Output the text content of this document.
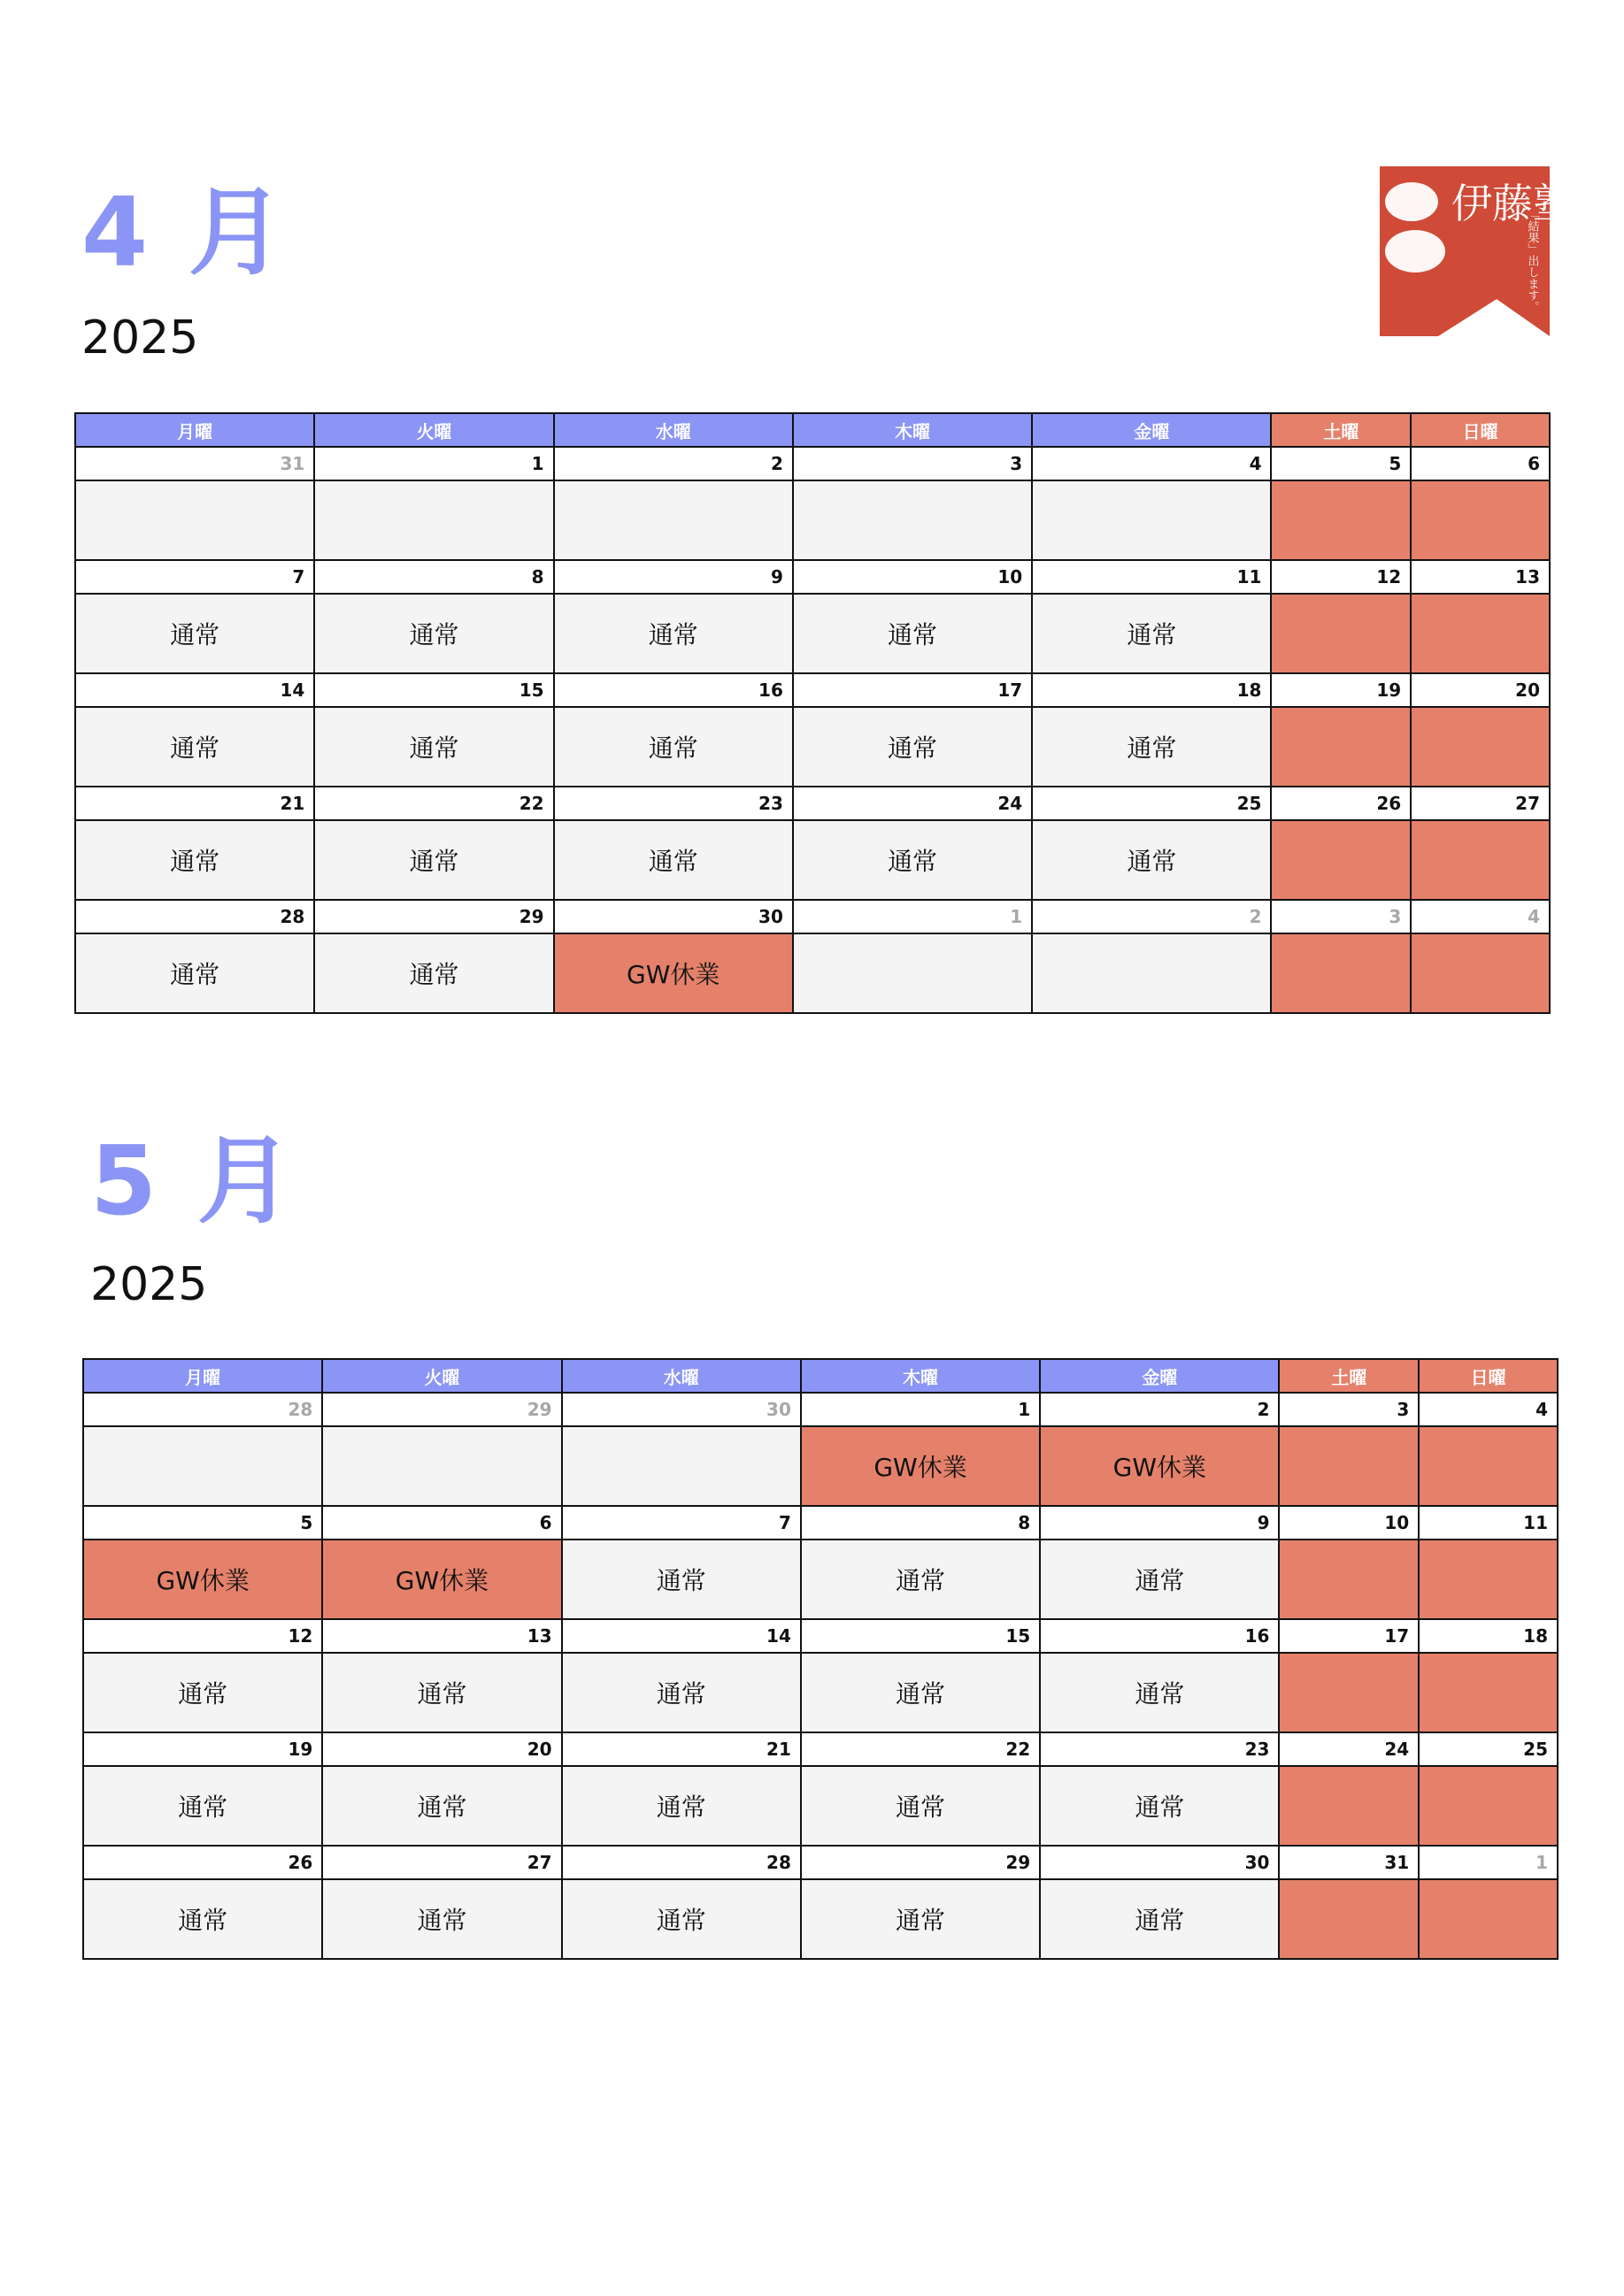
伊藤塾
「結果」出します。
4 月
2025
月曜	火曜	水曜	木曜	金曜	土曜	日曜
31	1	2	3	4	5	6

7	8	9	10	11	12	13
通常	通常	通常	通常	通常		
14	15	16	17	18	19	20
通常	通常	通常	通常	通常		
21	22	23	24	25	26	27
通常	通常	通常	通常	通常		
28	29	30	1	2	3	4
通常	通常	GW休業				
5 月
2025
月曜	火曜	水曜	木曜	金曜	土曜	日曜
28	29	30	1	2	3	4
			GW休業	GW休業		
5	6	7	8	9	10	11
GW休業	GW休業	通常	通常	通常		
12	13	14	15	16	17	18
通常	通常	通常	通常	通常		
19	20	21	22	23	24	25
通常	通常	通常	通常	通常		
26	27	28	29	30	31	1
通常	通常	通常	通常	通常		
